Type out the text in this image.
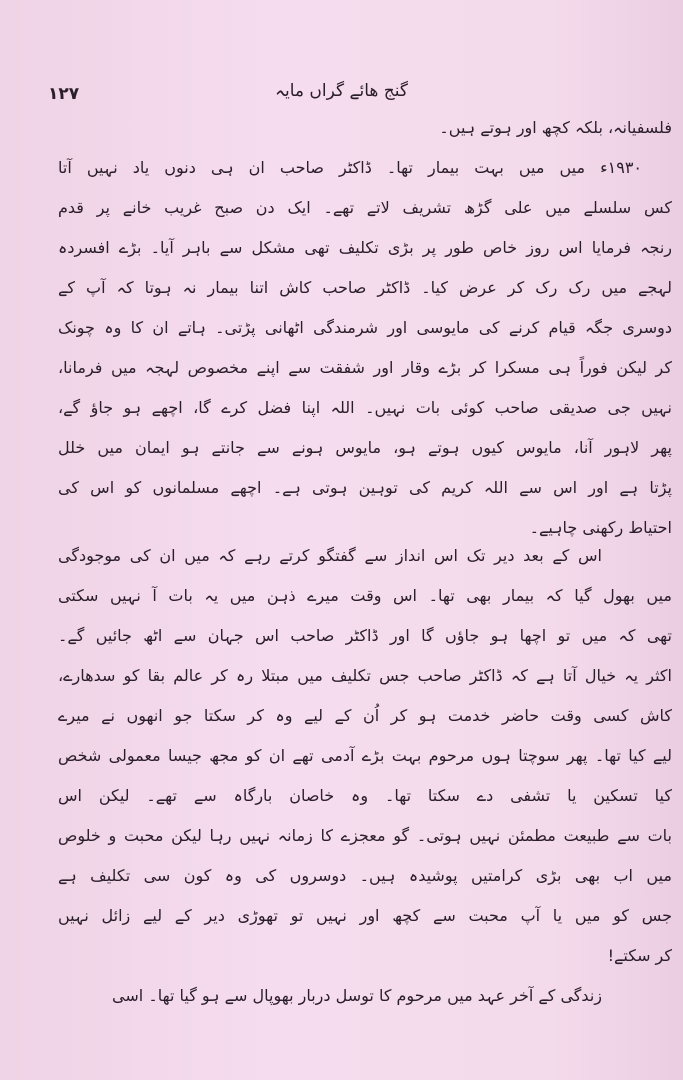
۱۲۷	گنج ھائے گراں مایہ
فلسفیانہ، بلکہ کچھ اور ہوتے ہیں۔
۱۹۳۰ء میں میں بہت بیمار تھا۔ ڈاکٹر صاحب ان ہی دنوں یاد نہیں آتا
کس سلسلے میں علی گڑھ تشریف لاتے تھے۔ ایک دن صبح غریب خانے پر قدم
رنجہ فرمایا اس روز خاص طور پر بڑی تکلیف تھی مشکل سے باہر آیا۔ بڑے افسردہ
لہجے میں رک رک کر عرض کیا۔ ڈاکٹر صاحب کاش اتنا بیمار نہ ہوتا کہ آپ کے
دوسری جگہ قیام کرنے کی مایوسی اور شرمندگی اٹھانی پڑتی۔ ہاتے ان کا وہ چونک
کر لیکن فوراً ہی مسکرا کر بڑے وقار اور شفقت سے اپنے مخصوص لہجہ میں فرمانا،
نہیں جی صدیقی صاحب کوئی بات نہیں۔ اللہ اپنا فضل کرے گا، اچھے ہو جاؤ گے،
پھر لاہور آنا، مایوس کیوں ہوتے ہو، مایوس ہونے سے جانتے ہو ایمان میں خلل
پڑتا ہے اور اس سے اللہ کریم کی توہین ہوتی ہے۔ اچھے مسلمانوں کو اس کی
احتیاط رکھنی چاہیے۔
اس کے بعد دیر تک اس انداز سے گفتگو کرتے رہے کہ میں ان کی موجودگی
میں بھول گیا کہ بیمار بھی تھا۔ اس وقت میرے ذہن میں یہ بات آ نہیں سکتی
تھی کہ میں تو اچھا ہو جاؤں گا اور ڈاکٹر صاحب اس جہان سے اٹھ جائیں گے۔
اکثر یہ خیال آتا ہے کہ ڈاکٹر صاحب جس تکلیف میں مبتلا رہ کر عالم بقا کو سدھارے،
کاش کسی وقت حاضر خدمت ہو کر اُن کے لیے وہ کر سکتا جو انھوں نے میرے
لیے کیا تھا۔ پھر سوچتا ہوں مرحوم بہت بڑے آدمی تھے ان کو مجھ جیسا معمولی شخص
کیا تسکین یا تشفی دے سکتا تھا۔ وہ خاصان بارگاہ سے تھے۔ لیکن اس
بات سے طبیعت مطمئن نہیں ہوتی۔ گو معجزے کا زمانہ نہیں رہا لیکن محبت و خلوص
میں اب بھی بڑی کرامتیں پوشیدہ ہیں۔ دوسروں کی وہ کون سی تکلیف ہے
جس کو میں یا آپ محبت سے کچھ اور نہیں تو تھوڑی دیر کے لیے زائل نہیں
کر سکتے!
زندگی کے آخر عہد میں مرحوم کا توسل دربار بھوپال سے ہو گیا تھا۔ اسی
